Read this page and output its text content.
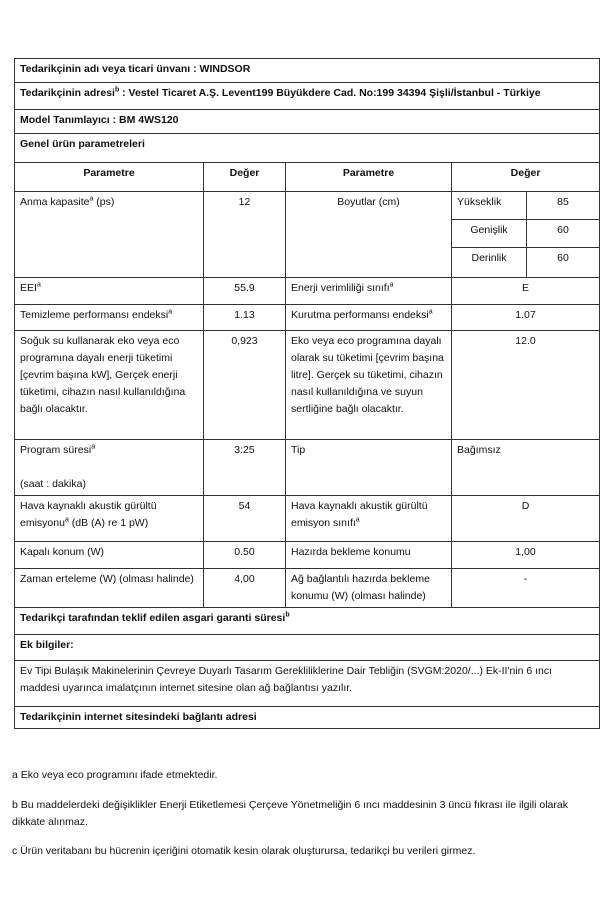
Tedarikçinin adı veya ticari ünvanı : WINDSOR				
Tedarikçinin adresi$^b$ : Vestel Ticaret A.Ş. Levent199 Büyükdere Cad. No:199 34394 Şişli/İstanbul - Türkiye				
Model Tanımlayıcı : BM 4WS120				
Genel ürün parametreleri				
Parametre	Değer	Parametre	Değer	
Anma kapasite$^a$ (ps)	12	Boyutlar (cm)	Yükseklik	85
			Genişlik	60
			Derinlik	60
EEI$^a$	55.9	Enerji verimliliği sınıfı$^a$	E	
Temizleme performansı endeksi$^a$	1.13	Kurutma performansı endeksi$^a$	1.07	
Soğuk su kullanarak eko veya eco programına dayalı enerji tüketimi [çevrim başına kW], Gerçek enerji tüketimi, cihazın nasıl kullanıldığına bağlı olacaktır.	0,923	Eko veya eco programına dayalı olarak su tüketimi [çevrim başına litre]. Gerçek su tüketimi, cihazın nasıl kullanıldığına ve suyun sertliğine bağlı olacaktır.	12.0	
Program süresi$^a$

(saat : dakika)	3:25	Tip	Bağımsız	
Hava kaynaklı akustik gürültü emisyonu$^a$ (dB (A) re 1 pW)	54	Hava kaynaklı akustik gürültü emisyon sınıfı$^a$	D	
Kapalı konum (W)	0.50	Hazırda bekleme konumu	1,00	
Zaman erteleme (W) (olması halinde)	4,00	Ağ bağlantılı hazırda bekleme konumu (W) (olması halinde)	-	
Tedarikçi tarafından teklif edilen asgari garanti süresi$^b$
Ek bilgiler:				
Ev Tipi Bulaşık Makinelerinin Çevreye Duyarlı Tasarım Gerekliliklerine Dair Tebliğin (SVGM:2020/...) Ek-II'nin 6 ıncı maddesi uyarınca imalatçının internet sitesine olan ağ bağlantısı yazılır.				
Tedarikçinin internet sitesindeki bağlantı adresi				
a Eko veya eco programını ifade etmektedir.
b Bu maddelerdeki değişiklikler Enerji Etiketlemesi Çerçeve Yönetmeliğin 6 ıncı maddesinin 3 üncü fıkrası ile ilgili olarak dikkate alınmaz.
c Ürün veritabanı bu hücrenin içeriğini otomatik kesin olarak oluşturursa, tedarikçi bu verileri girmez.
